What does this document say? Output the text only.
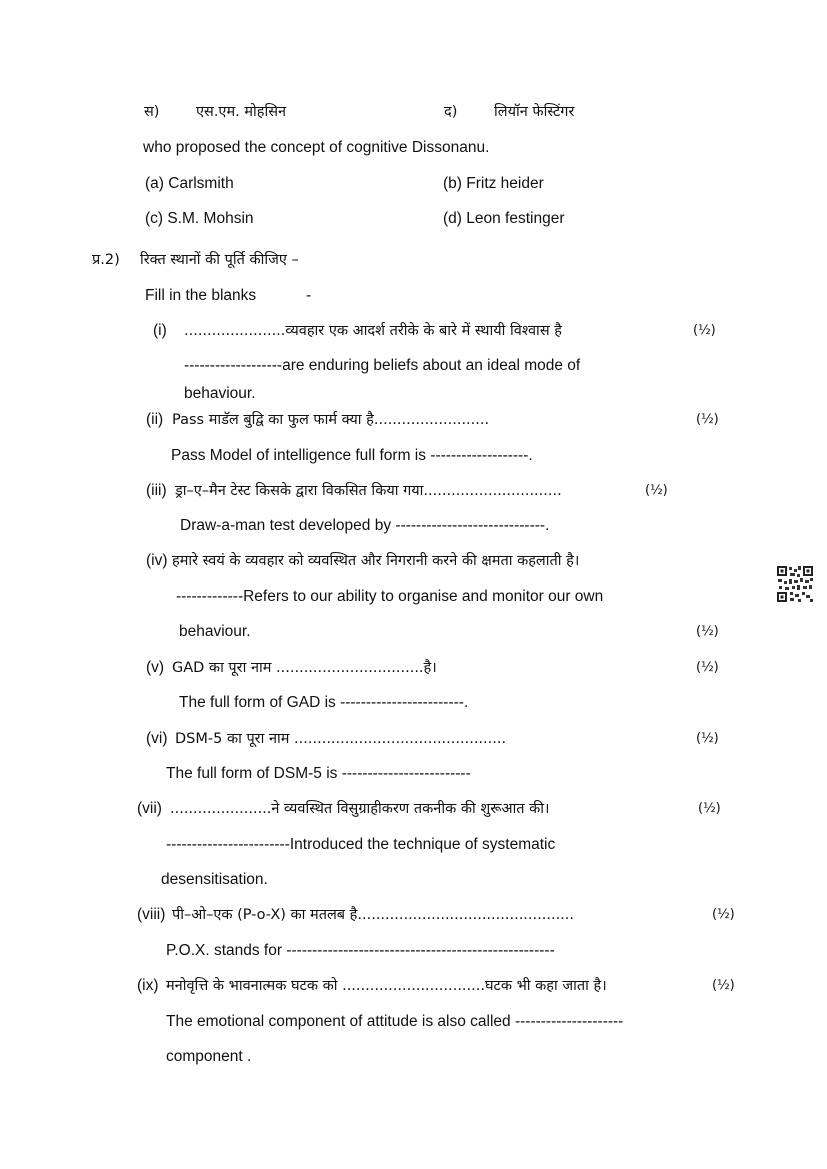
स)	एस.एम. मोहसिन	द)	लियॉन फेस्टिंगर
who proposed the concept of cognitive Dissonanu.
(a) Carlsmith	(b) Fritz heider
(c) S.M. Mohsin	(d) Leon festinger
प्र.2) रिक्त स्थानों की पूर्ति कीजिए –
Fill in the blanks	-
(i) ......................व्यवहार एक आदर्श तरीके के बारे में स्थायी विश्वास है	(½)
-------------------are enduring beliefs about an ideal mode of
behaviour.
(ii) Pass माडॅल बुद्वि का फुल फार्म क्या है.........................	(½)
Pass Model of intelligence full form is -------------------.
(iii) ड्रा–ए–मैन टेस्ट किसके द्वारा विकसित किया गया..............................	(½)
Draw-a-man test developed by -----------------------------.
(iv) हमारे स्वयं के व्यवहार को व्यवस्थित और निगरानी करने की क्षमता कहलाती है।
-------------Refers to our ability to organise and monitor our own
behaviour.	(½)
(v) GAD का पूरा नाम ................................है।	(½)
The full form of GAD is ------------------------.
(vi) DSM-5 का पूरा नाम ..............................................	(½)
The full form of DSM-5 is -------------------------
(vii) ......................ने व्यवस्थित विसुग्राहीकरण तकनीक की शुरूआत की।	(½)
------------------------Introduced the technique of systematic
desensitisation.
(viii) पी–ओ–एक (P-o-X) का मतलब है...............................................	(½)
P.O.X. stands for ----------------------------------------------------
(ix) मनोवृत्ति के भावनात्मक घटक को ...............................घटक भी कहा जाता है।	(½)
The emotional component of attitude is also called ---------------------
component .
